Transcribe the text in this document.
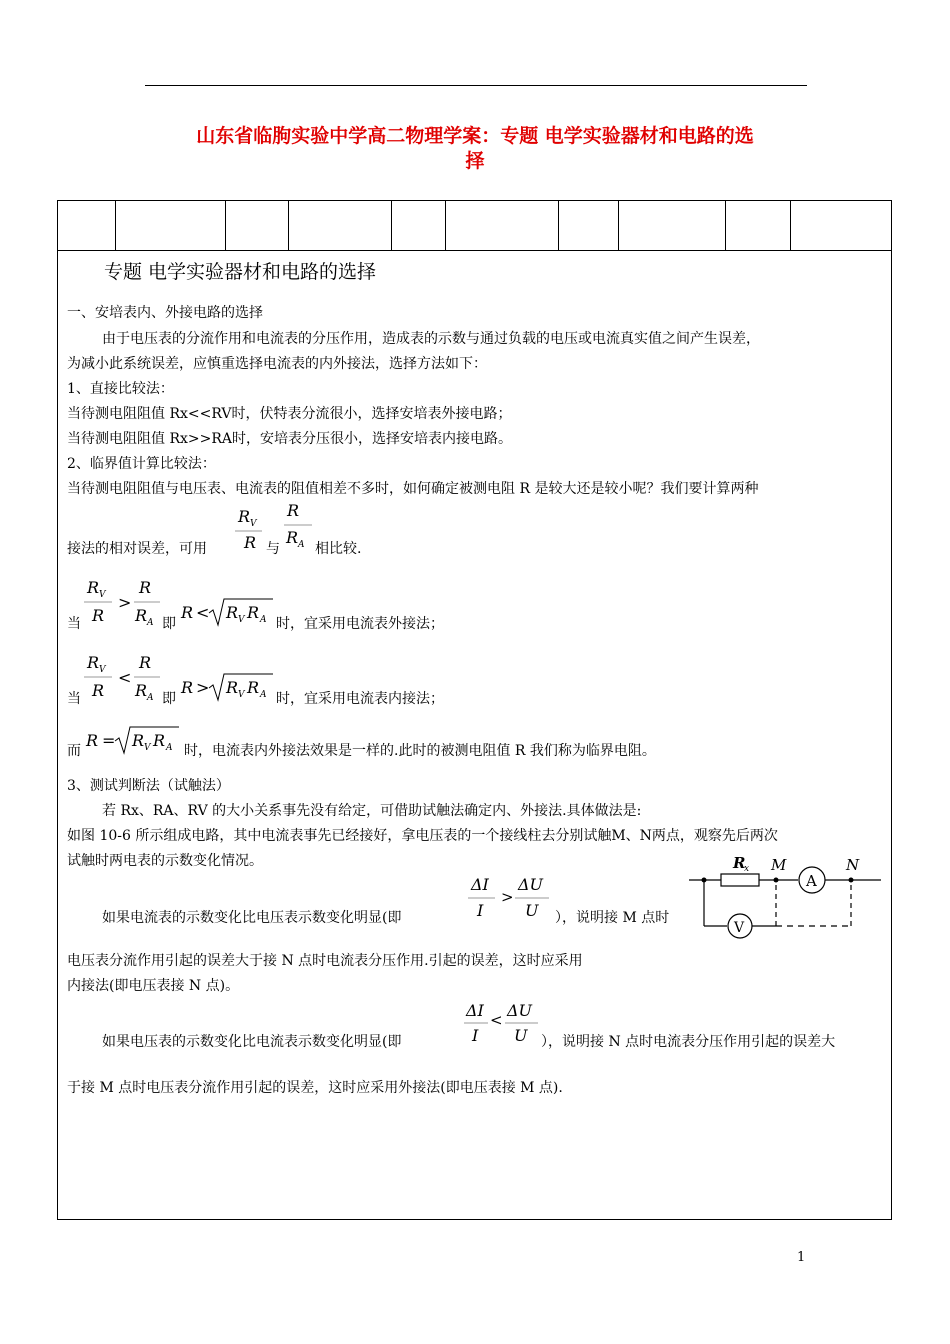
山东省临朐实验中学高二物理学案：专题 电学实验器材和电路的选
择
专题 电学实验器材和电路的选择
一、安培表内、外接电路的选择
由于电压表的分流作用和电流表的分压作用，造成表的示数与通过负载的电压或电流真实值之间产生误差，
为减小此系统误差，应慎重选择电流表的内外接法，选择方法如下：
1、直接比较法：
当待测电阻阻值 Rx<<RV时，伏特表分流很小，选择安培表外接电路；
当待测电阻阻值 Rx>>RA时，安培表分压很小，选择安培表内接电路。
2、临界值计算比较法：
当待测电阻阻值与电压表、电流表的阻值相差不多时，如何确定被测电阻 R 是较大还是较小呢？我们要计算两种
接法的相对误差，可用
R V
R
R
R A
与	相比较.
当
R V
R
>
R
R A
R < R V R A
即	时，宜采用电流表外接法；
当
R V
R
<
R
R A
R > R V R A
即	时，宜采用电流表内接法；
而
R = R V R A 时，电流表内外接法效果是一样的.此时的被测电阻值 R 我们称为临界电阻。
3、测试判断法（试触法）
若 Rx、RA、RV 的大小关系事先没有给定，可借助试触法确定内、外接法.具体做法是:
如图 10-6 所示组成电路，其中电流表事先已经接好，拿电压表的一个接线柱去分别试触M、N两点，观察先后两次
试触时两电表的示数变化情况。
如果电流表的示数变化比电压表示数变化明显(即
ΔI
I
>
ΔU
U ），说明接 M 点时
电压表分流作用引起的误差大于接 N 点时电流表分压作用.引起的误差，这时应采用
内接法(即电压表接 N 点)。
如果电压表的示数变化比电流表示数变化明显(即
ΔI
I
< ΔU
U ），说明接 N 点时电流表分压作用引起的误差大
于接 M 点时电压表分流作用引起的误差，这时应采用外接法(即电压表接 M 点).
A
V
R
x M	N
1
